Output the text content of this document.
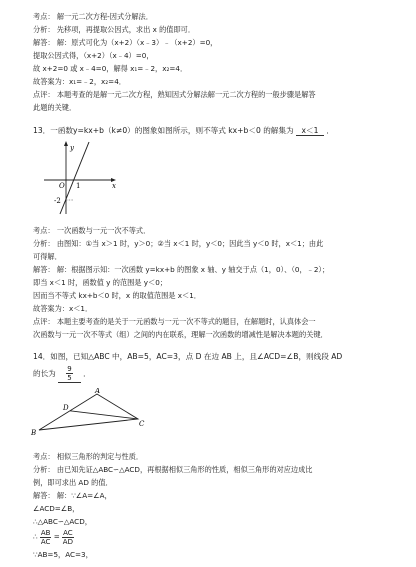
考点： 解一元二次方程-因式分解法．
分析： 先移项，再提取公因式，求出 x 的值即可．
解答： 解：原式可化为（x+2）（x﹣3）﹣（x+2）=0，
提取公因式得，（x+2）（x﹣4）=0，
故 x+2=0 或 x﹣4=0，解得 x₁=﹣2，x₂=4．
故答案为：x₁=﹣2，x₂=4．
点评： 本题考查的是解一元二次方程，熟知因式分解法解一元二次方程的一般步骤是解答
此题的关键．
13．一函数y=kx+b（k≠0）的图象如图所示，则不等式 kx+b＜0 的解集为 x＜1 ．
y
x
O 1
-2
考点： 一次函数与一元一次不等式．
分析： 由图知：①当 x＞1 时，y＞0；②当 x＜1 时，y＜0；因此当 y＜0 时，x＜1；由此
可得解．
解答： 解：根据图示知：一次函数 y=kx+b 的图象 x 轴、y 轴交于点（1，0）、（0，﹣2）；
即当 x＜1 时，函数值 y 的范围是 y＜0；
因而当不等式 kx+b＜0 时，x 的取值范围是 x＜1．
故答案为：x＜1．
点评： 本题主要考查的是关于一元函数与一元一次不等式的题目，在解题时，认真体会一
次函数与一元一次不等式（组）之间的内在联系，理解一次函数的增减性是解决本题的关键．
14．如图，已知△ABC 中，AB=5，AC=3，点 D 在边 AB 上，且∠ACD=∠B，则线段 AD
的长为 $\frac{9}{5}$ ．
A
B
C
D
考点： 相似三角形的判定与性质．
分析： 由已知先证△ABC∽△ACD，再根据相似三角形的性质，相似三角形的对应边成比
例，即可求出 AD 的值．
解答： 解：∵∠A=∠A，
∠ACD=∠B，
∴△ABC∽△ACD，
∴ $\frac{AB}{AC} = \frac{AC}{AD}$
∵AB=5，AC=3，
